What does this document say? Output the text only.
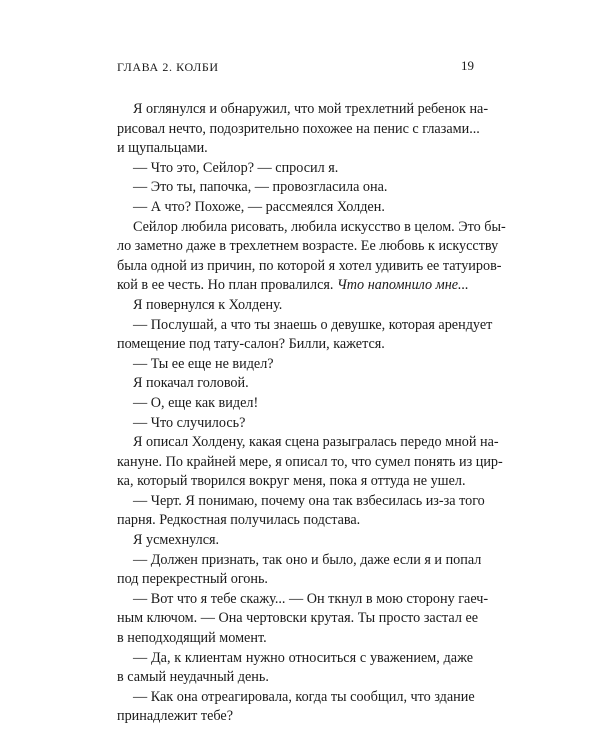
ГЛАВА 2. КОЛБИ	19

Я оглянулся и обнаружил, что мой трехлетний ребенок на-
рисовал нечто, подозрительно похожее на пенис с глазами...
и щупальцами.

— Что это, Сейлор? — спросил я.

— Это ты, папочка, — провозгласила она.

— А что? Похоже, — рассмеялся Холден.

Сейлор любила рисовать, любила искусство в целом. Это бы-
ло заметно даже в трехлетнем возрасте. Ее любовь к искусству
была одной из причин, по которой я хотел удивить ее татуиров-
кой в ее честь. Но план провалился. Что напомнило мне...

Я повернулся к Холдену.

— Послушай, а что ты знаешь о девушке, которая арендует
помещение под тату-салон? Билли, кажется.

— Ты ее еще не видел?

Я покачал головой.

— О, еще как видел!

— Что случилось?

Я описал Холдену, какая сцена разыгралась передо мной на-
кануне. По крайней мере, я описал то, что сумел понять из цир-
ка, который творился вокруг меня, пока я оттуда не ушел.

— Черт. Я понимаю, почему она так взбесилась из-за того
парня. Редкостная получилась подстава.

Я усмехнулся.

— Должен признать, так оно и было, даже если я и попал
под перекрестный огонь.

— Вот что я тебе скажу... — Он ткнул в мою сторону гаеч-
ным ключом. — Она чертовски крутая. Ты просто застал ее
в неподходящий момент.

— Да, к клиентам нужно относиться с уважением, даже
в самый неудачный день.

— Как она отреагировала, когда ты сообщил, что здание
принадлежит тебе?
